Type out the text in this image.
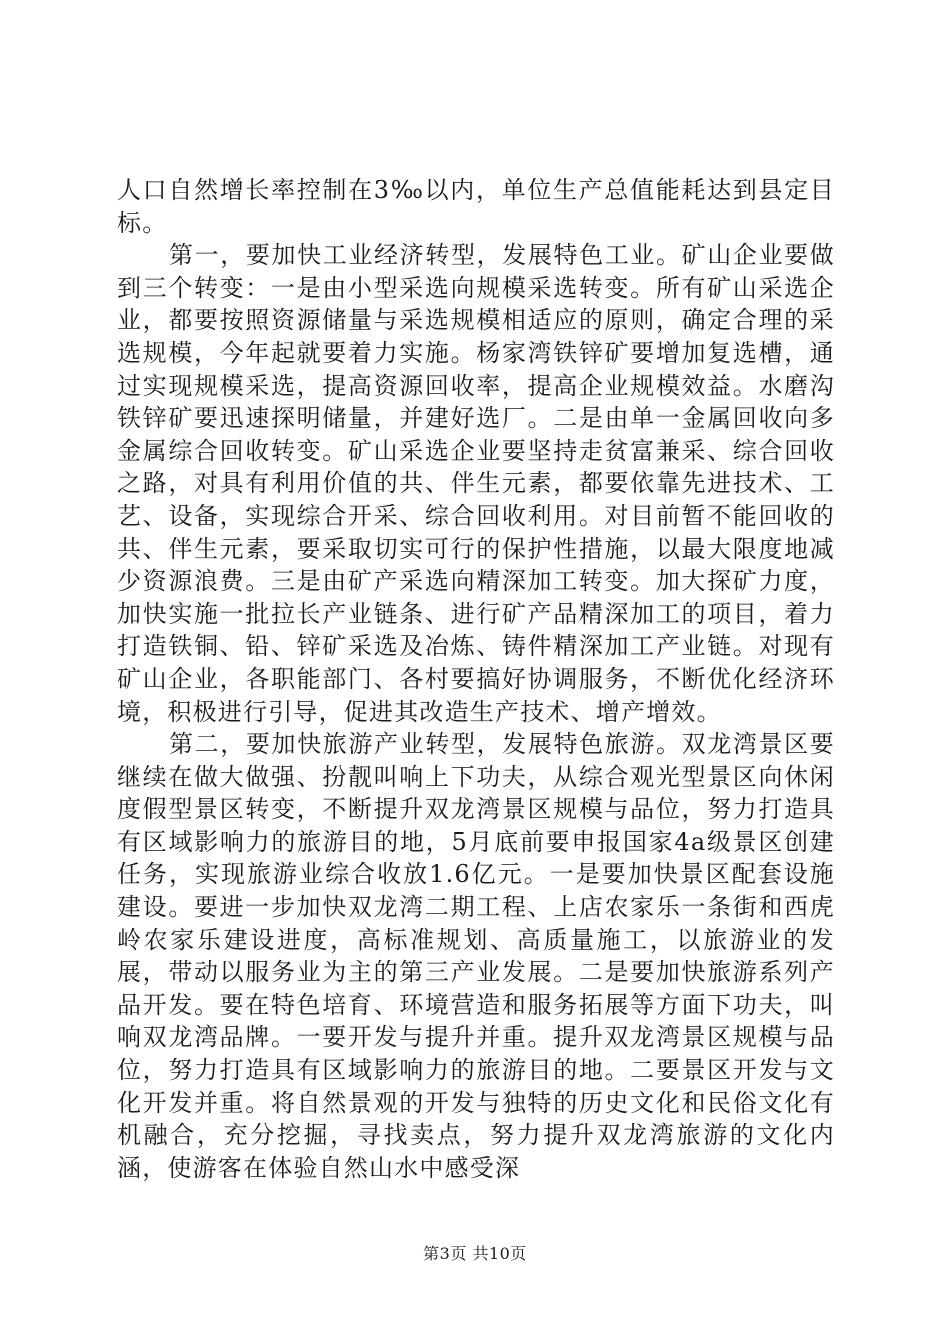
人口自然增长率控制在3‰以内，单位生产总值能耗达到县定目标。

第一，要加快工业经济转型，发展特色工业。矿山企业要做到三个转变：一是由小型采选向规模采选转变。所有矿山采选企业，都要按照资源储量与采选规模相适应的原则，确定合理的采选规模，今年起就要着力实施。杨家湾铁锌矿要增加复选槽，通过实现规模采选，提高资源回收率，提高企业规模效益。水磨沟铁锌矿要迅速探明储量，并建好选厂。二是由单一金属回收向多金属综合回收转变。矿山采选企业要坚持走贫富兼采、综合回收之路，对具有利用价值的共、伴生元素，都要依靠先进技术、工艺、设备，实现综合开采、综合回收利用。对目前暂不能回收的共、伴生元素，要采取切实可行的保护性措施，以最大限度地减少资源浪费。三是由矿产采选向精深加工转变。加大探矿力度，加快实施一批拉长产业链条、进行矿产品精深加工的项目，着力打造铁铜、铅、锌矿采选及冶炼、铸件精深加工产业链。对现有矿山企业，各职能部门、各村要搞好协调服务，不断优化经济环境，积极进行引导，促进其改造生产技术、增产增效。

第二，要加快旅游产业转型，发展特色旅游。双龙湾景区要继续在做大做强、扮靓叫响上下功夫，从综合观光型景区向休闲度假型景区转变，不断提升双龙湾景区规模与品位，努力打造具有区域影响力的旅游目的地，5月底前要申报国家4a级景区创建任务，实现旅游业综合收放1.6亿元。一是要加快景区配套设施建设。要进一步加快双龙湾二期工程、上店农家乐一条街和西虎岭农家乐建设进度，高标准规划、高质量施工，以旅游业的发展，带动以服务业为主的第三产业发展。二是要加快旅游系列产品开发。要在特色培育、环境营造和服务拓展等方面下功夫，叫响双龙湾品牌。一要开发与提升并重。提升双龙湾景区规模与品位，努力打造具有区域影响力的旅游目的地。二要景区开发与文化开发并重。将自然景观的开发与独特的历史文化和民俗文化有机融合，充分挖掘，寻找卖点，努力提升双龙湾旅游的文化内涵，使游客在体验自然山水中感受深

第3页 共10页
